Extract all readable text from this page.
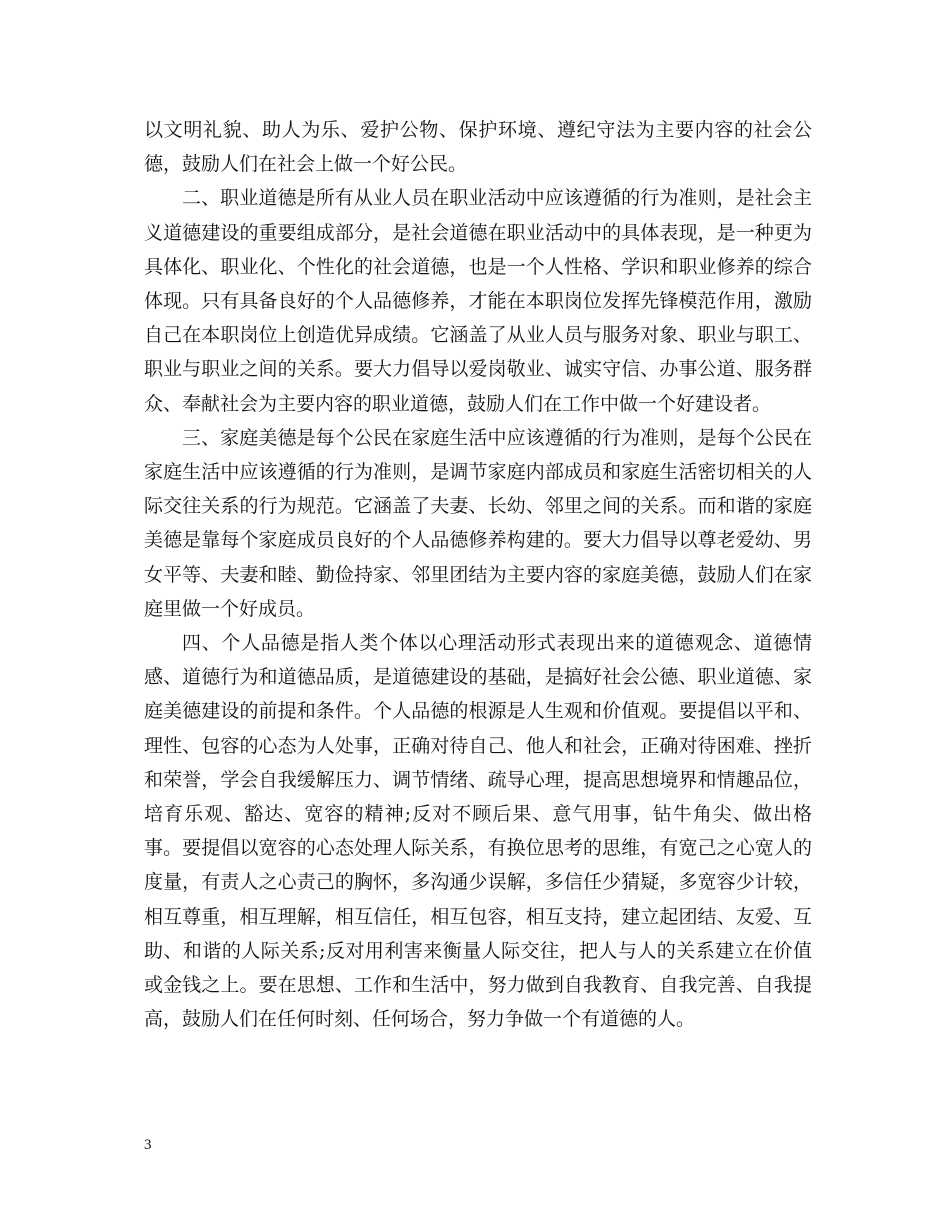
以文明礼貌、助人为乐、爱护公物、保护环境、遵纪守法为主要内容的社会公德，鼓励人们在社会上做一个好公民。

二、职业道德是所有从业人员在职业活动中应该遵循的行为准则，是社会主义道德建设的重要组成部分，是社会道德在职业活动中的具体表现，是一种更为具体化、职业化、个性化的社会道德，也是一个人性格、学识和职业修养的综合体现。只有具备良好的个人品德修养，才能在本职岗位发挥先锋模范作用，激励自己在本职岗位上创造优异成绩。它涵盖了从业人员与服务对象、职业与职工、职业与职业之间的关系。要大力倡导以爱岗敬业、诚实守信、办事公道、服务群众、奉献社会为主要内容的职业道德，鼓励人们在工作中做一个好建设者。

三、家庭美德是每个公民在家庭生活中应该遵循的行为准则，是每个公民在家庭生活中应该遵循的行为准则，是调节家庭内部成员和家庭生活密切相关的人际交往关系的行为规范。它涵盖了夫妻、长幼、邻里之间的关系。而和谐的家庭美德是靠每个家庭成员良好的个人品德修养构建的。要大力倡导以尊老爱幼、男女平等、夫妻和睦、勤俭持家、邻里团结为主要内容的家庭美德，鼓励人们在家庭里做一个好成员。

四、个人品德是指人类个体以心理活动形式表现出来的道德观念、道德情感、道德行为和道德品质，是道德建设的基础，是搞好社会公德、职业道德、家庭美德建设的前提和条件。个人品德的根源是人生观和价值观。要提倡以平和、理性、包容的心态为人处事，正确对待自己、他人和社会，正确对待困难、挫折和荣誉，学会自我缓解压力、调节情绪、疏导心理，提高思想境界和情趣品位，培育乐观、豁达、宽容的精神;反对不顾后果、意气用事，钻牛角尖、做出格事。要提倡以宽容的心态处理人际关系，有换位思考的思维，有宽己之心宽人的度量，有责人之心责己的胸怀，多沟通少误解，多信任少猜疑，多宽容少计较，相互尊重，相互理解，相互信任，相互包容，相互支持，建立起团结、友爱、互助、和谐的人际关系;反对用利害来衡量人际交往，把人与人的关系建立在价值或金钱之上。要在思想、工作和生活中，努力做到自我教育、自我完善、自我提高，鼓励人们在任何时刻、任何场合，努力争做一个有道德的人。

3
